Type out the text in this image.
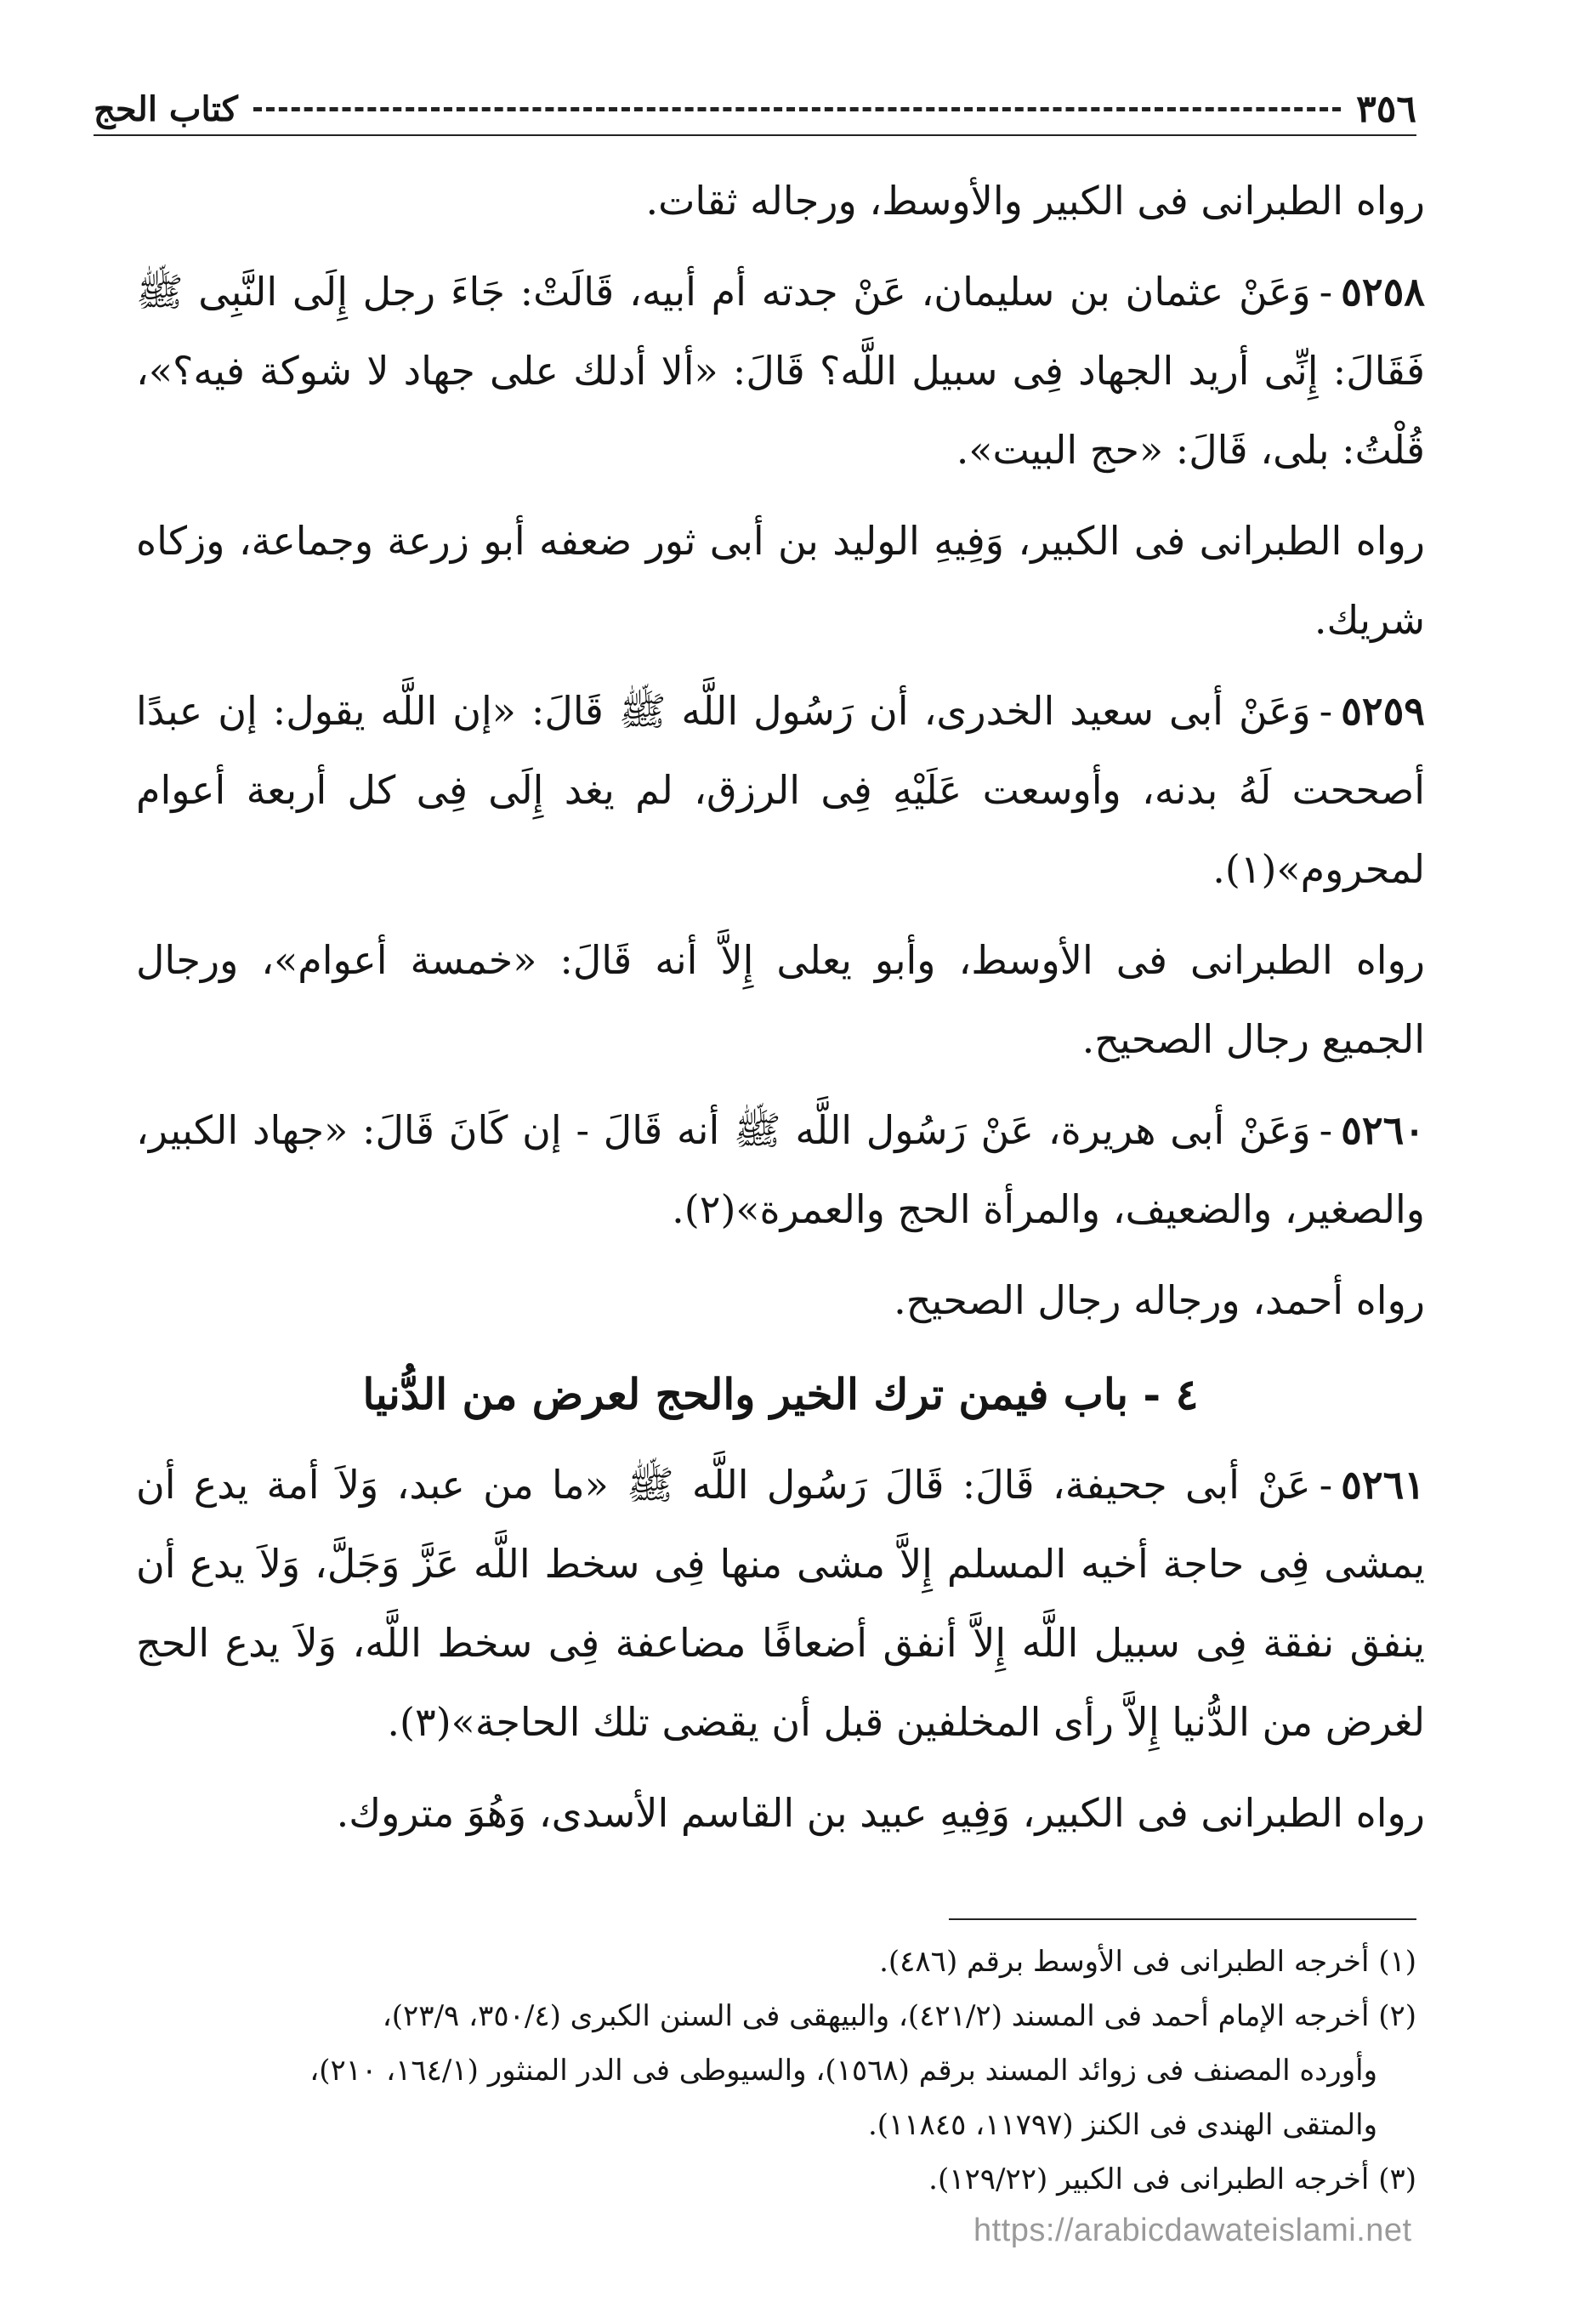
٣٥٦
كتاب الحج

رواه الطبرانى فى الكبير والأوسط، ورجاله ثقات.

٥٢٥٨-وَعَنْ عثمان بن سليمان، عَنْ جدته أم أبيه، قَالَتْ: جَاءَ رجل إِلَى النَّبِى ﷺ فَقَالَ: إِنِّى أريد الجهاد فِى سبيل اللَّه؟ قَالَ: «ألا أدلك على جهاد لا شوكة فيه؟»، قُلْتُ: بلى، قَالَ: «حج البيت».

رواه الطبرانى فى الكبير، وَفِيهِ الوليد بن أبى ثور ضعفه أبو زرعة وجماعة، وزكاه شريك.

٥٢٥٩-وَعَنْ أبى سعيد الخدرى، أن رَسُول اللَّه ﷺ قَالَ: «إن اللَّه يقول: إن عبدًا أصححت لَهُ بدنه، وأوسعت عَلَيْهِ فِى الرزق، لم يغد إِلَى فِى كل أربعة أعوام لمحروم»(١).

رواه الطبرانى فى الأوسط، وأبو يعلى إِلاَّ أنه قَالَ: «خمسة أعوام»، ورجال الجميع رجال الصحيح.

٥٢٦٠-وَعَنْ أبى هريرة، عَنْ رَسُول اللَّه ﷺ أنه قَالَ - إن كَانَ قَالَ: «جهاد الكبير، والصغير، والضعيف، والمرأة الحج والعمرة»(٢).

رواه أحمد، ورجاله رجال الصحيح.

٤ - باب فيمن ترك الخير والحج لعرض من الدُّنيا

٥٢٦١-عَنْ أبى جحيفة، قَالَ: قَالَ رَسُول اللَّه ﷺ «ما من عبد، وَلاَ أمة يدع أن يمشى فِى حاجة أخيه المسلم إِلاَّ مشى منها فِى سخط اللَّه عَزَّ وَجَلَّ، وَلاَ يدع أن ينفق نفقة فِى سبيل اللَّه إِلاَّ أنفق أضعافًا مضاعفة فِى سخط اللَّه، وَلاَ يدع الحج لغرض من الدُّنيا إِلاَّ رأى المخلفين قبل أن يقضى تلك الحاجة»(٣).

رواه الطبرانى فى الكبير، وَفِيهِ عبيد بن القاسم الأسدى، وَهُوَ متروك.

(١) أخرجه الطبرانى فى الأوسط برقم (٤٨٦).

(٢) أخرجه الإمام أحمد فى المسند (٤٢١/٢)، والبيهقى فى السنن الكبرى (٣٥٠/٤، ٢٣/٩)،

وأورده المصنف فى زوائد المسند برقم (١٥٦٨)، والسيوطى فى الدر المنثور (١٦٤/١، ٢١٠)،

والمتقى الهندى فى الكنز (١١٧٩٧، ١١٨٤٥).

(٣) أخرجه الطبرانى فى الكبير (١٢٩/٢٢).

https://arabicdawateislami.net
